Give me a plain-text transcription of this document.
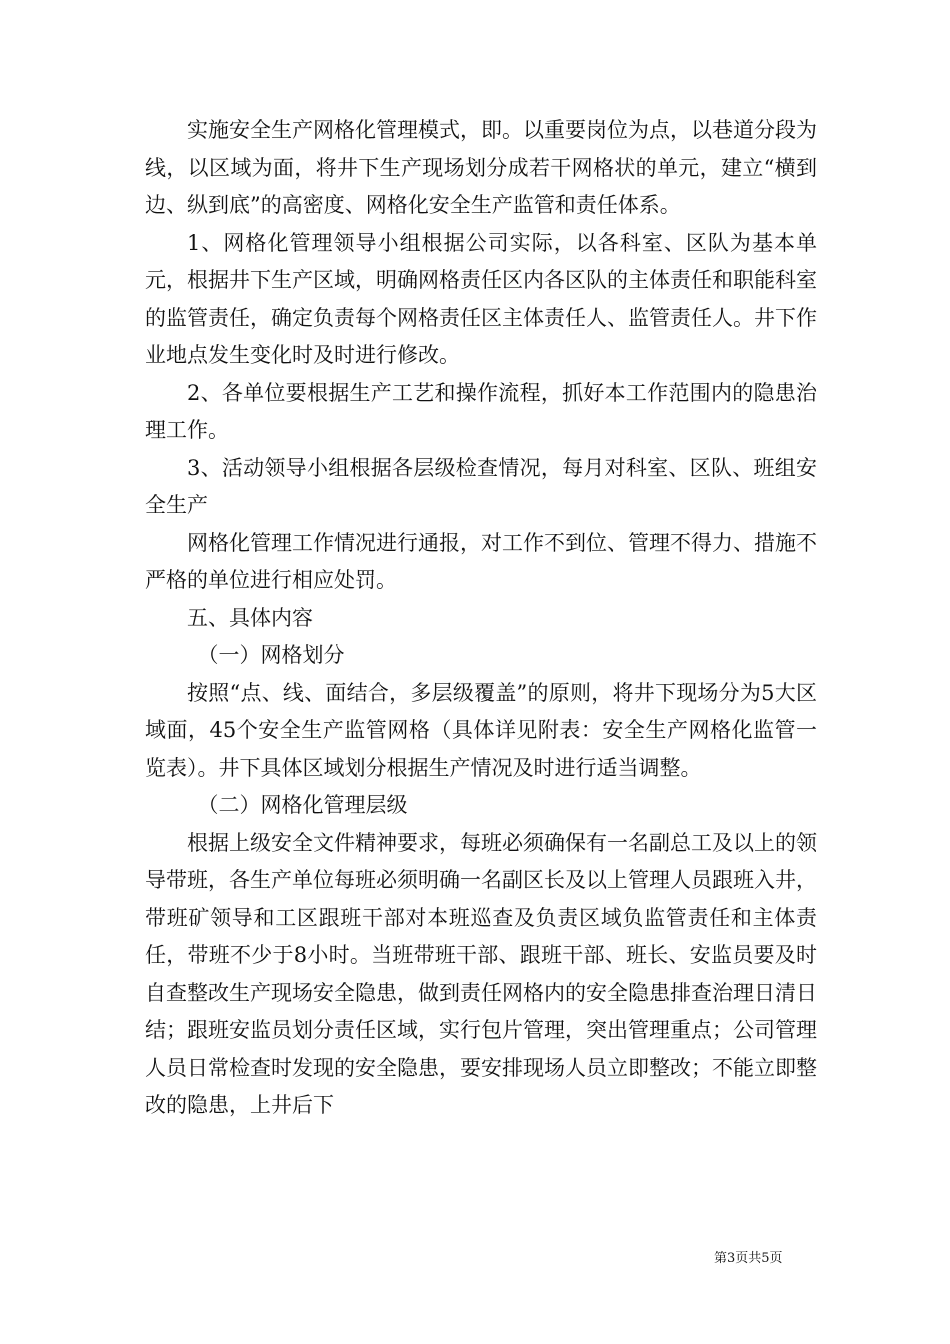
实施安全生产网格化管理模式，即。以重要岗位为点，以巷道分段为线，以区域为面，将井下生产现场划分成若干网格状的单元，建立“横到边、纵到底”的高密度、网格化安全生产监管和责任体系。

1、网格化管理领导小组根据公司实际，以各科室、区队为基本单元，根据井下生产区域，明确网格责任区内各区队的主体责任和职能科室的监管责任，确定负责每个网格责任区主体责任人、监管责任人。井下作业地点发生变化时及时进行修改。

2、各单位要根据生产工艺和操作流程，抓好本工作范围内的隐患治理工作。

3、活动领导小组根据各层级检查情况，每月对科室、区队、班组安全生产

网格化管理工作情况进行通报，对工作不到位、管理不得力、措施不严格的单位进行相应处罚。

五、具体内容

（一）网格划分

按照“点、线、面结合，多层级覆盖”的原则，将井下现场分为5大区域面，45个安全生产监管网格（具体详见附表：安全生产网格化监管一览表）。井下具体区域划分根据生产情况及时进行适当调整。

（二）网格化管理层级

根据上级安全文件精神要求，每班必须确保有一名副总工及以上的领导带班，各生产单位每班必须明确一名副区长及以上管理人员跟班入井，带班矿领导和工区跟班干部对本班巡查及负责区域负监管责任和主体责任，带班不少于8小时。当班带班干部、跟班干部、班长、安监员要及时自查整改生产现场安全隐患，做到责任网格内的安全隐患排查治理日清日结；跟班安监员划分责任区域，实行包片管理，突出管理重点；公司管理人员日常检查时发现的安全隐患，要安排现场人员立即整改；不能立即整改的隐患，上井后下

第3页共5页
